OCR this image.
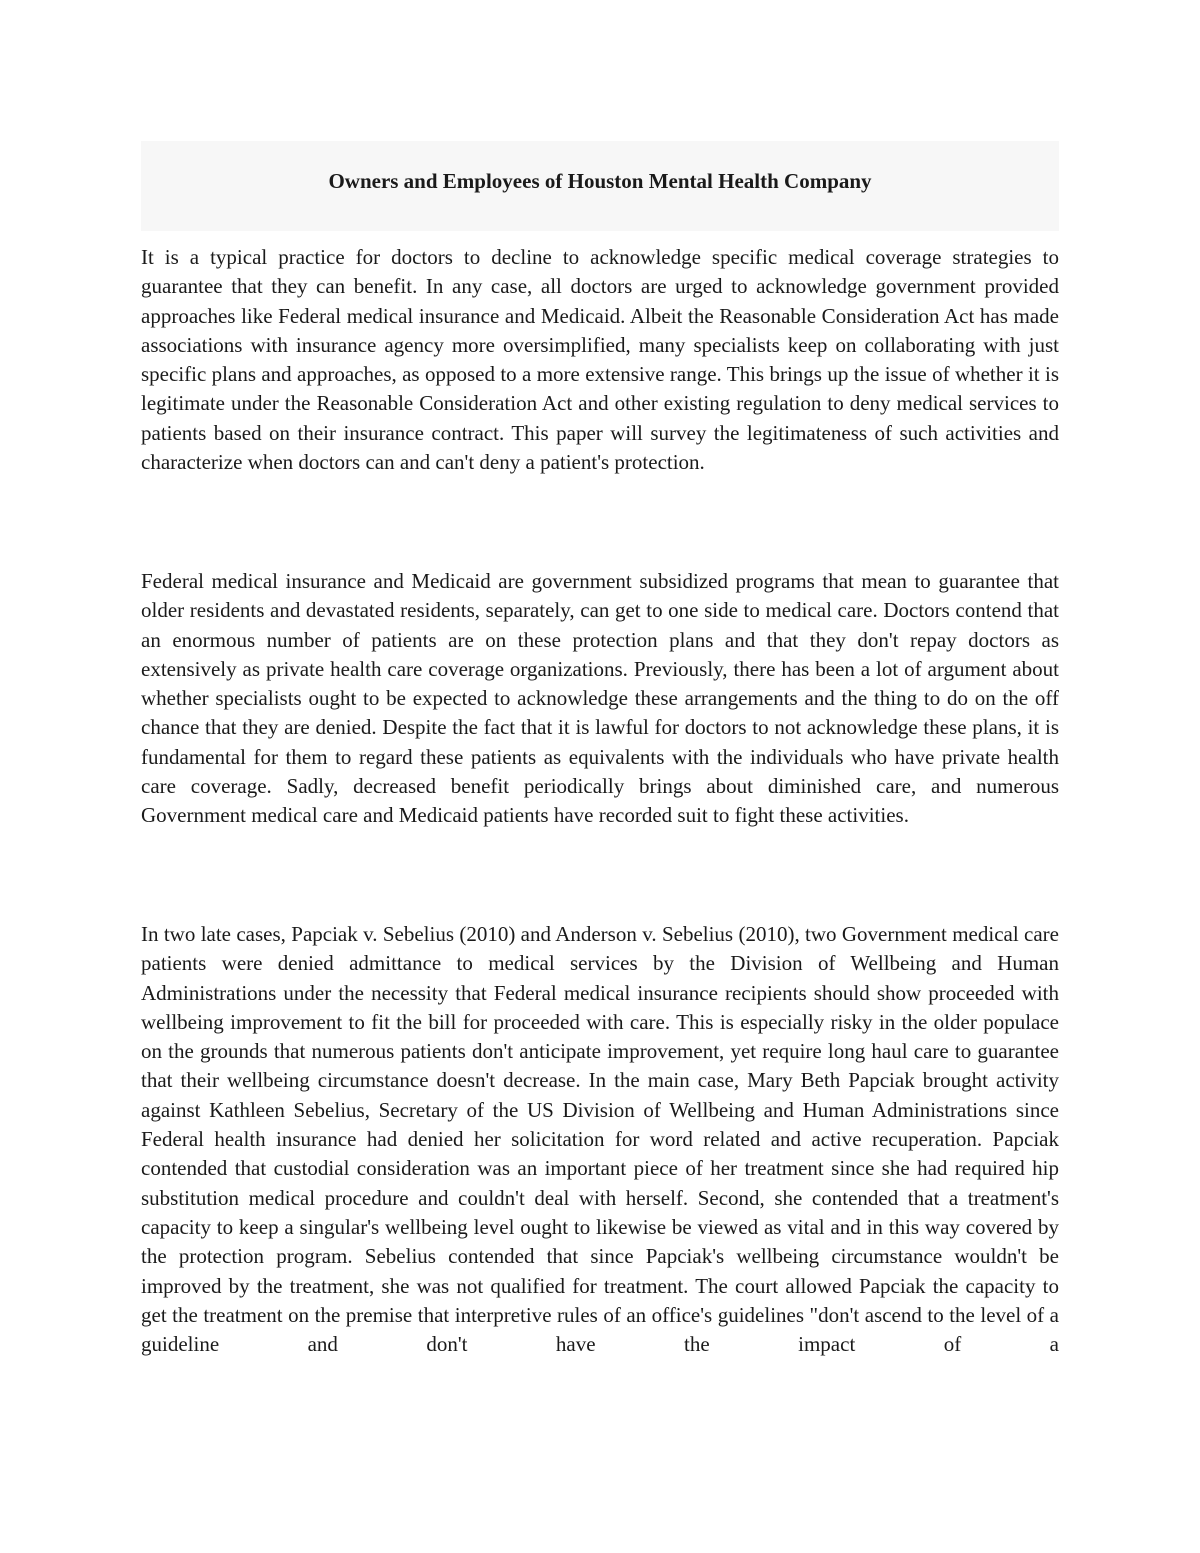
Owners and Employees of Houston Mental Health Company

It is a typical practice for doctors to decline to acknowledge specific medical coverage strategies to guarantee that they can benefit. In any case, all doctors are urged to acknowledge government provided approaches like Federal medical insurance and Medicaid. Albeit the Reasonable Consideration Act has made associations with insurance agency more oversimplified, many specialists keep on collaborating with just specific plans and approaches, as opposed to a more extensive range. This brings up the issue of whether it is legitimate under the Reasonable Consideration Act and other existing regulation to deny medical services to patients based on their insurance contract. This paper will survey the legitimateness of such activities and characterize when doctors can and can't deny a patient's protection.

Federal medical insurance and Medicaid are government subsidized programs that mean to guarantee that older residents and devastated residents, separately, can get to one side to medical care. Doctors contend that an enormous number of patients are on these protection plans and that they don't repay doctors as extensively as private health care coverage organizations. Previously, there has been a lot of argument about whether specialists ought to be expected to acknowledge these arrangements and the thing to do on the off chance that they are denied. Despite the fact that it is lawful for doctors to not acknowledge these plans, it is fundamental for them to regard these patients as equivalents with the individuals who have private health care coverage. Sadly, decreased benefit periodically brings about diminished care, and numerous Government medical care and Medicaid patients have recorded suit to fight these activities.

In two late cases, Papciak v. Sebelius (2010) and Anderson v. Sebelius (2010), two Government medical care patients were denied admittance to medical services by the Division of Wellbeing and Human Administrations under the necessity that Federal medical insurance recipients should show proceeded with wellbeing improvement to fit the bill for proceeded with care. This is especially risky in the older populace on the grounds that numerous patients don't anticipate improvement, yet require long haul care to guarantee that their wellbeing circumstance doesn't decrease. In the main case, Mary Beth Papciak brought activity against Kathleen Sebelius, Secretary of the US Division of Wellbeing and Human Administrations since Federal health insurance had denied her solicitation for word related and active recuperation. Papciak contended that custodial consideration was an important piece of her treatment since she had required hip substitution medical procedure and couldn't deal with herself. Second, she contended that a treatment's capacity to keep a singular's wellbeing level ought to likewise be viewed as vital and in this way covered by the protection program. Sebelius contended that since Papciak's wellbeing circumstance wouldn't be improved by the treatment, she was not qualified for treatment. The court allowed Papciak the capacity to get the treatment on the premise that interpretive rules of an office's guidelines "don't ascend to the level of a guideline and don't have the impact of a
